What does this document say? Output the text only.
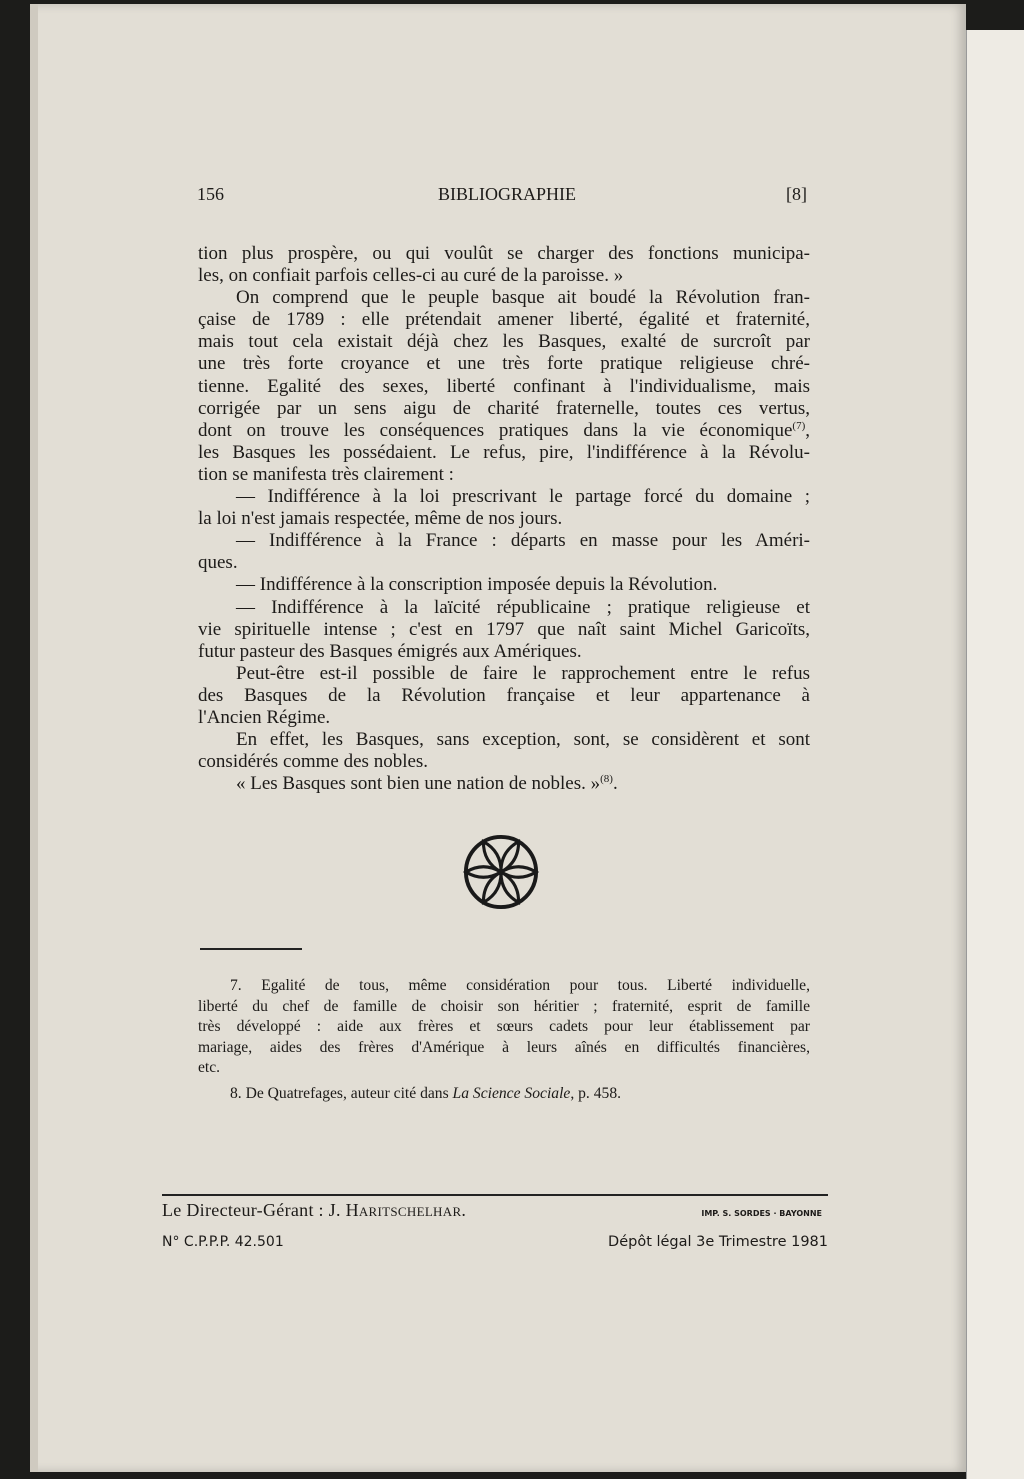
156	BIBLIOGRAPHIE	[8]
tion plus prospère, ou qui voulût se charger des fonctions municipa-
les, on confiait parfois celles-ci au curé de la paroisse. »
On comprend que le peuple basque ait boudé la Révolution fran-
çaise de 1789 : elle prétendait amener liberté, égalité et fraternité,
mais tout cela existait déjà chez les Basques, exalté de surcroît par
une très forte croyance et une très forte pratique religieuse chré-
tienne. Egalité des sexes, liberté confinant à l'individualisme, mais
corrigée par un sens aigu de charité fraternelle, toutes ces vertus,
dont on trouve les conséquences pratiques dans la vie économique$^{(7)}$,
les Basques les possédaient. Le refus, pire, l'indifférence à la Révolu-
tion se manifesta très clairement :
— Indifférence à la loi prescrivant le partage forcé du domaine ;
la loi n'est jamais respectée, même de nos jours.
— Indifférence à la France : départs en masse pour les Améri-
ques.
— Indifférence à la conscription imposée depuis la Révolution.
— Indifférence à la laïcité républicaine ; pratique religieuse et
vie spirituelle intense ; c'est en 1797 que naît saint Michel Garicoïts,
futur pasteur des Basques émigrés aux Amériques.
Peut-être est-il possible de faire le rapprochement entre le refus
des Basques de la Révolution française et leur appartenance à
l'Ancien Régime.
En effet, les Basques, sans exception, sont, se considèrent et sont
considérés comme des nobles.
« Les Basques sont bien une nation de nobles. »$^{(8)}$.
7. Egalité de tous, même considération pour tous. Liberté individuelle,
liberté du chef de famille de choisir son héritier ; fraternité, esprit de famille
très développé : aide aux frères et sœurs cadets pour leur établissement par
mariage, aides des frères d'Amérique à leurs aînés en difficultés financières,
etc.
8. De Quatrefages, auteur cité dans La Science Sociale, p. 458.
Le Directeur-Gérant : J. Haritschelhar.	IMP. S. SORDES · BAYONNE
N° C.P.P.P. 42.501	Dépôt légal 3e Trimestre 1981
